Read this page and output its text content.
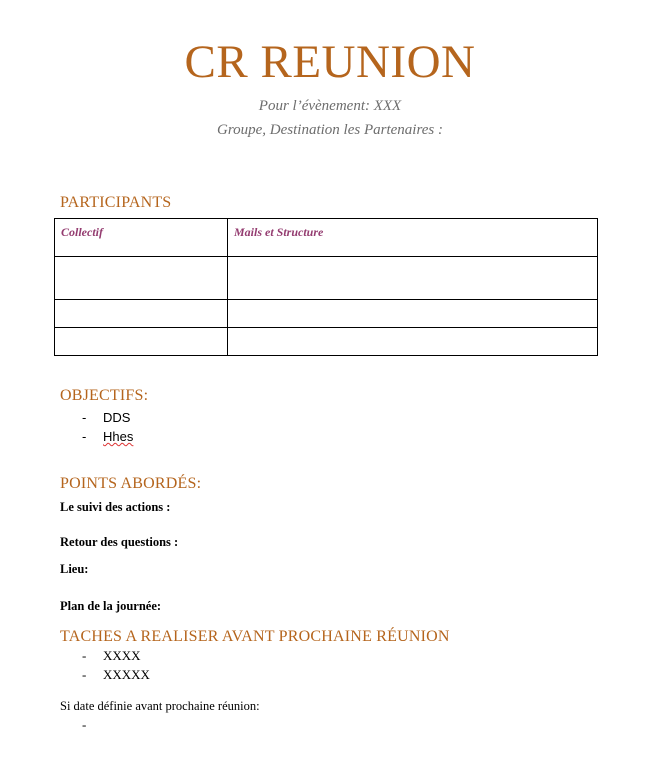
CR REUNION
Pour l’évènement: XXX
Groupe, Destination les Partenaires :
PARTICIPANTS
Collectif	Mails et Structure

OBJECTIFS:
- DDS
- Hhes
POINTS ABORDÉS:
Le suivi des actions :
Retour des questions :
Lieu:
Plan de la journée:
TACHES A REALISER AVANT PROCHAINE RÉUNION
- XXXX
- XXXXX
Si date définie avant prochaine réunion:
-
